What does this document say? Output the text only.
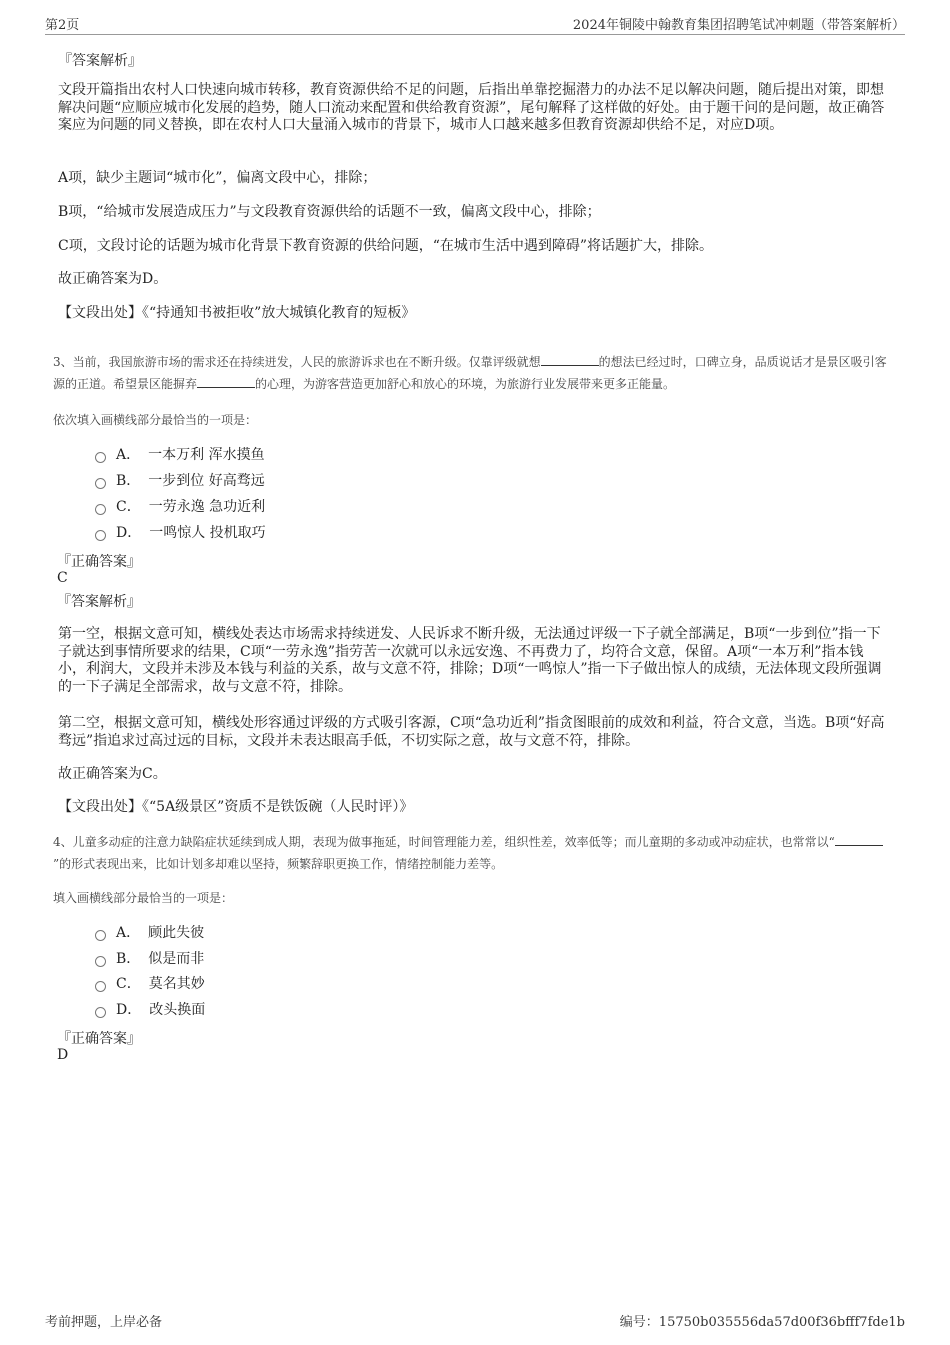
第2页	2024年铜陵中翰教育集团招聘笔试冲刺题（带答案解析）
『答案解析』
文段开篇指出农村人口快速向城市转移，教育资源供给不足的问题，后指出单靠挖掘潜力的办法不足以解决问题，随后提出对策，即想解决问题“应顺应城市化发展的趋势，随人口流动来配置和供给教育资源”，尾句解释了这样做的好处。由于题干问的是问题，故正确答案应为问题的同义替换，即在农村人口大量涌入城市的背景下，城市人口越来越多但教育资源却供给不足，对应D项。
A项，缺少主题词“城市化”，偏离文段中心，排除；
B项，“给城市发展造成压力”与文段教育资源供给的话题不一致，偏离文段中心，排除；
C项，文段讨论的话题为城市化背景下教育资源的供给问题，“在城市生活中遇到障碍”将话题扩大，排除。
故正确答案为D。
【文段出处】《“持通知书被拒收”放大城镇化教育的短板》
3、当前，我国旅游市场的需求还在持续迸发，人民的旅游诉求也在不断升级。仅靠评级就想	的想法已经过时，口碑立身，品质说话才是景区吸引客源的正道。希望景区能摒弃	的心理，为游客营造更加舒心和放心的环境，为旅游行业发展带来更多正能量。
依次填入画横线部分最恰当的一项是：
A． 一本万利 浑水摸鱼
B． 一步到位 好高骛远
C． 一劳永逸 急功近利
D． 一鸣惊人 投机取巧
『正确答案』
C
『答案解析』
第一空，根据文意可知，横线处表达市场需求持续迸发、人民诉求不断升级，无法通过评级一下子就全部满足，B项“一步到位”指一下子就达到事情所要求的结果，C项“一劳永逸”指劳苦一次就可以永远安逸、不再费力了，均符合文意，保留。A项“一本万利”指本钱小，利润大，文段并未涉及本钱与利益的关系，故与文意不符，排除；D项“一鸣惊人”指一下子做出惊人的成绩，无法体现文段所强调的一下子满足全部需求，故与文意不符，排除。
第二空，根据文意可知，横线处形容通过评级的方式吸引客源，C项“急功近利”指贪图眼前的成效和利益，符合文意，当选。B项“好高骛远”指追求过高过远的目标，文段并未表达眼高手低，不切实际之意，故与文意不符，排除。
故正确答案为C。
【文段出处】《“5A级景区”资质不是铁饭碗（人民时评）》
4、儿童多动症的注意力缺陷症状延续到成人期，表现为做事拖延，时间管理能力差，组织性差，效率低等；而儿童期的多动或冲动症状，也常常以“”的形式表现出来，比如计划多却难以坚持，频繁辞职更换工作，情绪控制能力差等。
填入画横线部分最恰当的一项是：
A． 顾此失彼
B． 似是而非
C． 莫名其妙
D． 改头换面
『正确答案』
D
考前押题，上岸必备	编号：15750b035556da57d00f36bfff7fde1b
